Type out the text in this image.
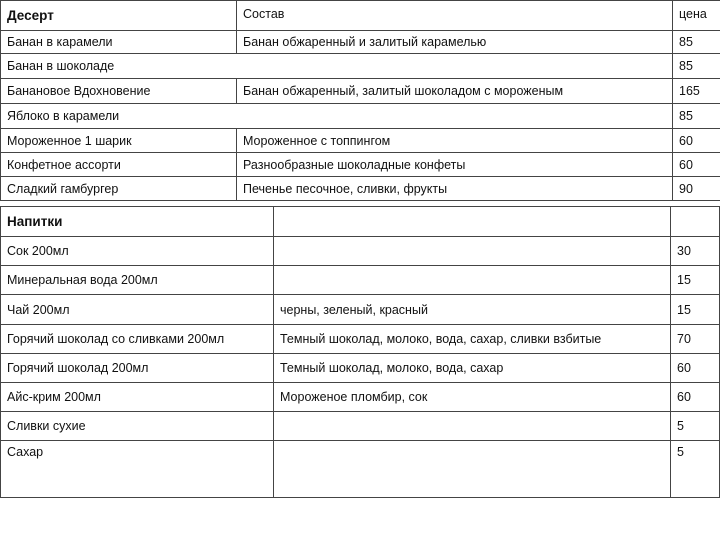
Десерт	Состав	цена
Банан в карамели	Банан обжаренный и залитый карамелью	85
Банан в шоколаде		85
Банановое Вдохновение	Банан обжаренный, залитый шоколадом с мороженым	165
Яблоко в карамели		85
Мороженное 1 шарик	Мороженное с топпингом	60
Конфетное ассорти	Разнообразные шоколадные конфеты	60
Сладкий гамбургер	Печенье песочное, сливки, фрукты	90
Напитки		
Сок 200мл		30
Минеральная вода 200мл		15
Чай 200мл	черны, зеленый, красный	15
Горячий шоколад со сливками 200мл	Темный шоколад, молоко, вода, сахар, сливки взбитые	70
Горячий шоколад 200мл	Темный шоколад, молоко, вода, сахар	60
Айс-крим 200мл	Мороженое пломбир, сок	60
Сливки сухие		5
Сахар		5
